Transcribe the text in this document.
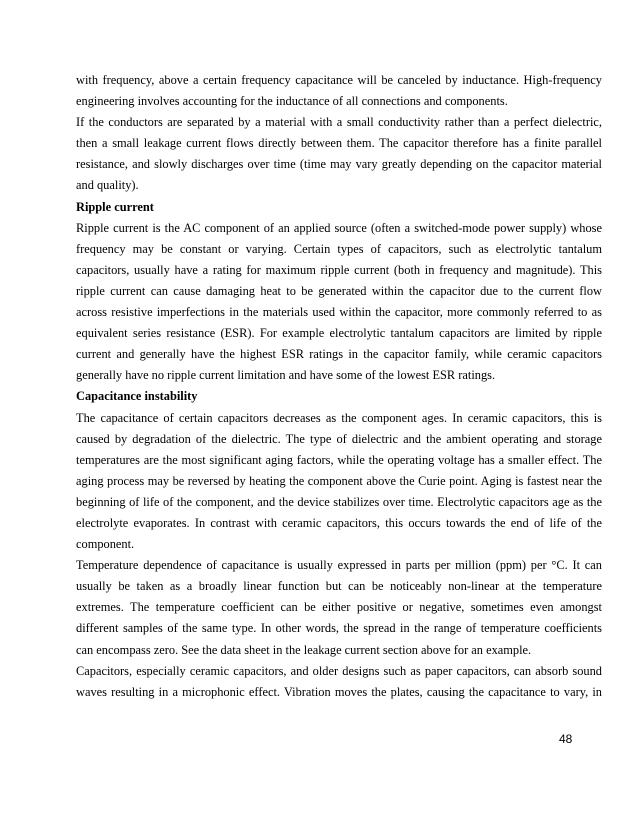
with frequency, above a certain frequency capacitance will be canceled by inductance. High-frequency
engineering involves accounting for the inductance of all connections and components.
If the conductors are separated by a material with a small conductivity rather than a perfect dielectric,
then a small leakage current flows directly between them. The capacitor therefore has a finite parallel
resistance, and slowly discharges over time (time may vary greatly depending on the capacitor material
and quality).
Ripple current
Ripple current is the AC component of an applied source (often a switched-mode power supply) whose
frequency may be constant or varying. Certain types of capacitors, such as electrolytic tantalum
capacitors, usually have a rating for maximum ripple current (both in frequency and magnitude). This
ripple current can cause damaging heat to be generated within the capacitor due to the current flow
across resistive imperfections in the materials used within the capacitor, more commonly referred to as
equivalent series resistance (ESR). For example electrolytic tantalum capacitors are limited by ripple
current and generally have the highest ESR ratings in the capacitor family, while ceramic capacitors
generally have no ripple current limitation and have some of the lowest ESR ratings.
Capacitance instability
The capacitance of certain capacitors decreases as the component ages. In ceramic capacitors, this is
caused by degradation of the dielectric. The type of dielectric and the ambient operating and storage
temperatures are the most significant aging factors, while the operating voltage has a smaller effect. The
aging process may be reversed by heating the component above the Curie point. Aging is fastest near the
beginning of life of the component, and the device stabilizes over time. Electrolytic capacitors age as the
electrolyte evaporates. In contrast with ceramic capacitors, this occurs towards the end of life of the
component.
Temperature dependence of capacitance is usually expressed in parts per million (ppm) per °C. It can
usually be taken as a broadly linear function but can be noticeably non-linear at the temperature
extremes. The temperature coefficient can be either positive or negative, sometimes even amongst
different samples of the same type. In other words, the spread in the range of temperature coefficients
can encompass zero. See the data sheet in the leakage current section above for an example.
Capacitors, especially ceramic capacitors, and older designs such as paper capacitors, can absorb sound
waves resulting in a microphonic effect. Vibration moves the plates, causing the capacitance to vary, in
48
